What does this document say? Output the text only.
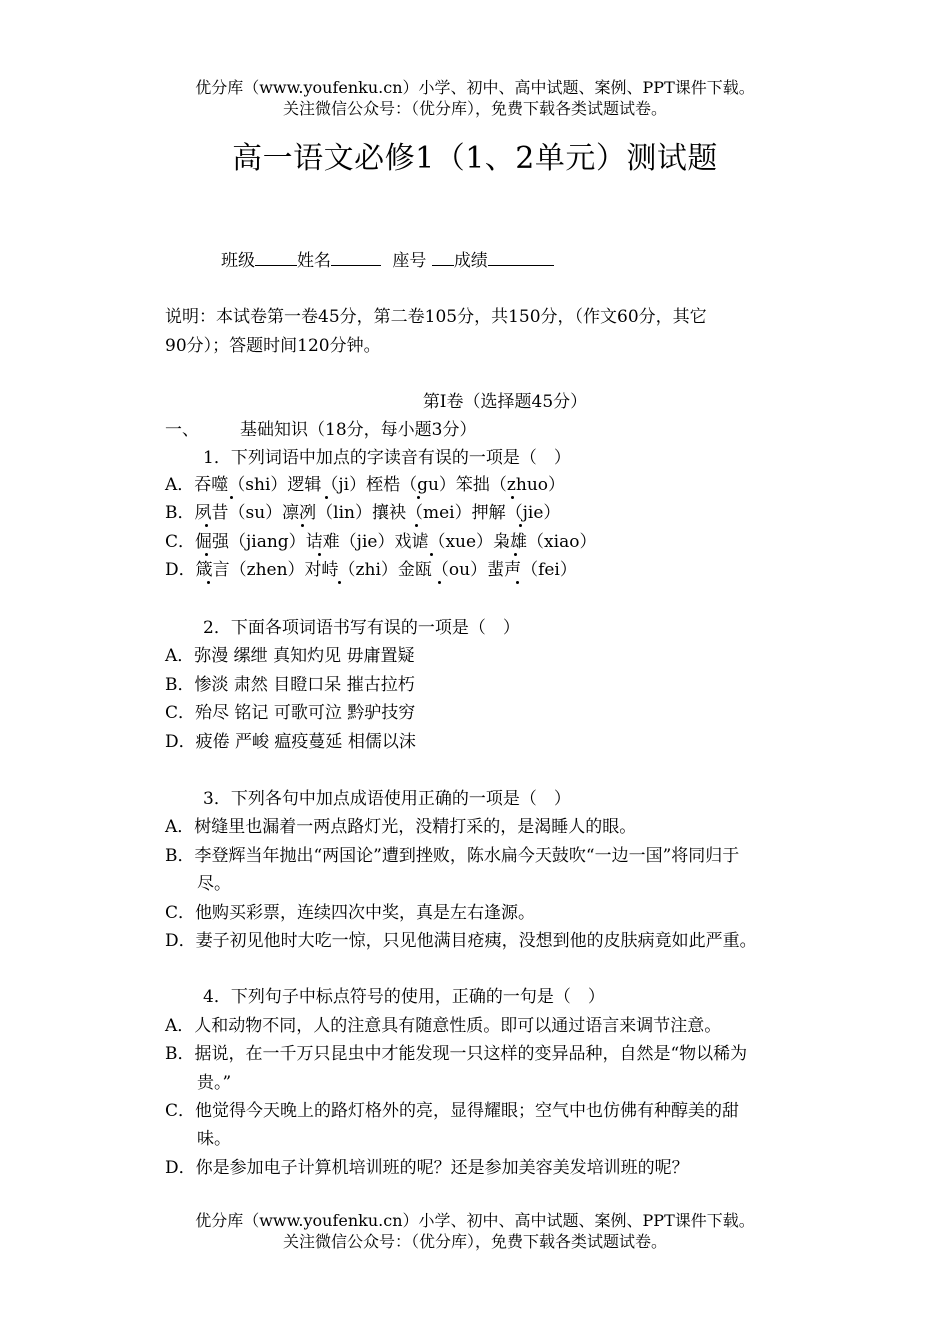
优分库（www.youfenku.cn）小学、初中、高中试题、案例、PPT课件下载。
关注微信公众号：（优分库），免费下载各类试题试卷。
高一语文必修1（1、2单元）测试题
班级 姓名	座号 成绩
说明：本试卷第一卷45分，第二卷105分，共150分，（作文60分，其它
90分）；答题时间120分钟。
第Ⅰ卷（选择题45分）
一、 基础知识（18分，每小题3分）
1．下列词语中加点的字读音有误的一项是（　）
A．吞噬（shi）逻辑（ji）桎梏（gu）笨拙（zhuo）
B．夙昔（su）凛冽（lin）攘袂（mei）押解（jie）
C．倔强（jiang）诘难（jie）戏谑（xue）枭雄（xiao）
D．箴言（zhen）对峙（zhi）金瓯（ou）蜚声（fei）
2．下面各项词语书写有误的一项是（　）
A．弥漫 缧绁 真知灼见 毋庸置疑
B．惨淡 肃然 目瞪口呆 摧古拉朽
C．殆尽 铭记 可歌可泣 黔驴技穷
D．疲倦 严峻 瘟疫蔓延 相儒以沫
3．下列各句中加点成语使用正确的一项是（　）
A．树缝里也漏着一两点路灯光，没精打采的，是渴睡人的眼。
B．李登辉当年抛出“两国论”遭到挫败，陈水扁今天鼓吹“一边一国”将同归于
尽。
C．他购买彩票，连续四次中奖，真是左右逢源。
D．妻子初见他时大吃一惊，只见他满目疮痍，没想到他的皮肤病竟如此严重。
4．下列句子中标点符号的使用，正确的一句是（　）
A．人和动物不同，人的注意具有随意性质。即可以通过语言来调节注意。
B．据说，在一千万只昆虫中才能发现一只这样的变异品种，自然是“物以稀为
贵。”
C．他觉得今天晚上的路灯格外的亮，显得耀眼；空气中也仿佛有种醇美的甜
味。
D．你是参加电子计算机培训班的呢？还是参加美容美发培训班的呢？
优分库（www.youfenku.cn）小学、初中、高中试题、案例、PPT课件下载。
关注微信公众号：（优分库），免费下载各类试题试卷。
